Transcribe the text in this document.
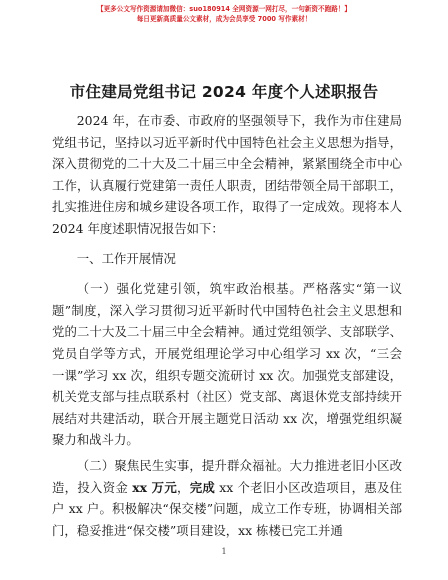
【更多公文写作资源请加微信：suo180914 全网资源一网打尽，一句新资不跑路！】
每日更新高质量公文素材，成为会员享受 7000 写作素材！
市住建局党组书记 2024 年度个人述职报告

2024 年，在市委、市政府的坚强领导下，我作为市住建局党组书记，坚持以习近平新时代中国特色社会主义思想为指导，深入贯彻党的二十大及二十届三中全会精神，紧紧围绕全市中心工作，认真履行党建第一责任人职责，团结带领全局干部职工，扎实推进住房和城乡建设各项工作，取得了一定成效。现将本人 2024 年度述职情况报告如下：

一、工作开展情况

（一）强化党建引领，筑牢政治根基。严格落实“第一议题”制度，深入学习贯彻习近平新时代中国特色社会主义思想和党的二十大及二十届三中全会精神。通过党组领学、支部联学、党员自学等方式，开展党组理论学习中心组学习 xx 次，“三会一课”学习 xx 次，组织专题交流研讨 xx 次。加强党支部建设，机关党支部与挂点联系村（社区）党支部、离退休党支部持续开展结对共建活动，联合开展主题党日活动 xx 次，增强党组织凝聚力和战斗力。

（二）聚焦民生实事，提升群众福祉。大力推进老旧小区改造，投入资金 xx 万元，完成 xx 个老旧小区改造项目，惠及住户 xx 户。积极解决“保交楼”问题，成立工作专班，协调相关部门，稳妥推进“保交楼”项目建设，xx 栋楼已完工并通

1
